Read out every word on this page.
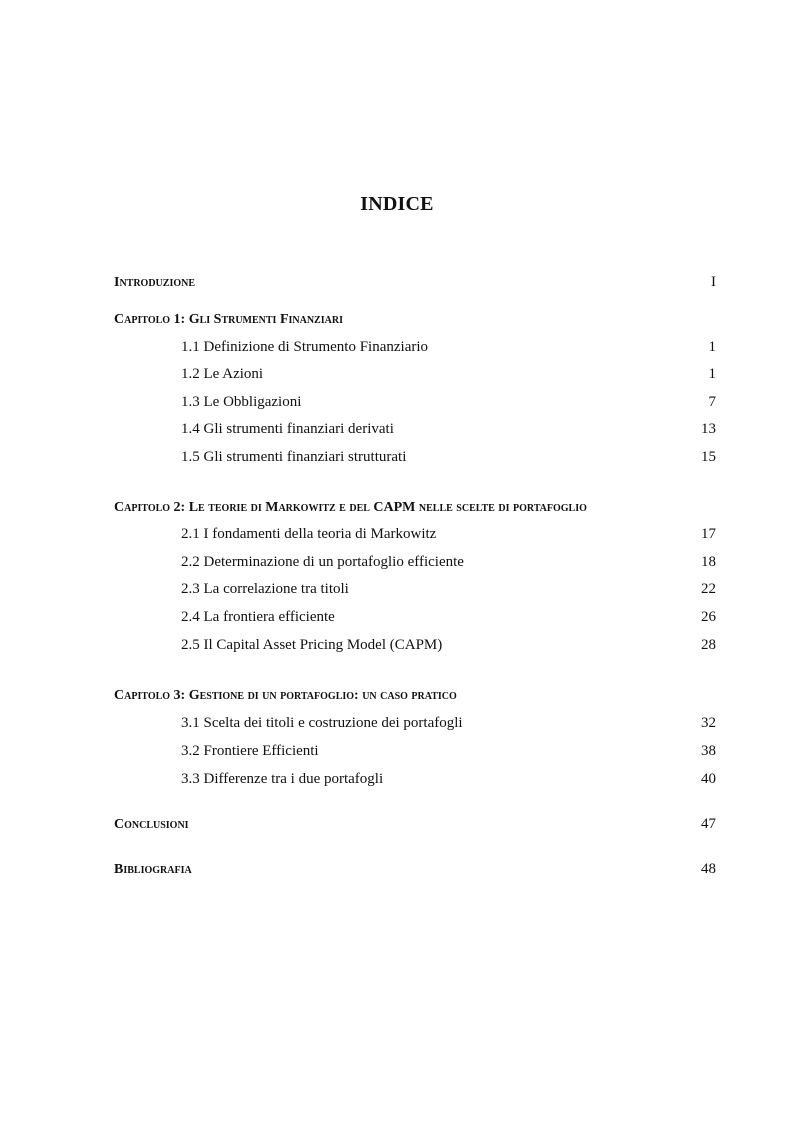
INDICE
Introduzione	I
Capitolo 1: Gli Strumenti Finanziari
1.1 Definizione di Strumento Finanziario	1
1.2 Le Azioni	1
1.3 Le Obbligazioni	7
1.4 Gli strumenti finanziari derivati	13
1.5 Gli strumenti finanziari strutturati	15
Capitolo 2: Le teorie di Markowitz e del CAPM nelle scelte di portafoglio
2.1 I fondamenti della teoria di Markowitz	17
2.2 Determinazione di un portafoglio efficiente	18
2.3 La correlazione tra titoli	22
2.4 La frontiera efficiente	26
2.5 Il Capital Asset Pricing Model (CAPM)	28
Capitolo 3: Gestione di un portafoglio: un caso pratico
3.1 Scelta dei titoli e costruzione dei portafogli	32
3.2 Frontiere Efficienti	38
3.3 Differenze tra i due portafogli	40
Conclusioni	47
Bibliografia	48
